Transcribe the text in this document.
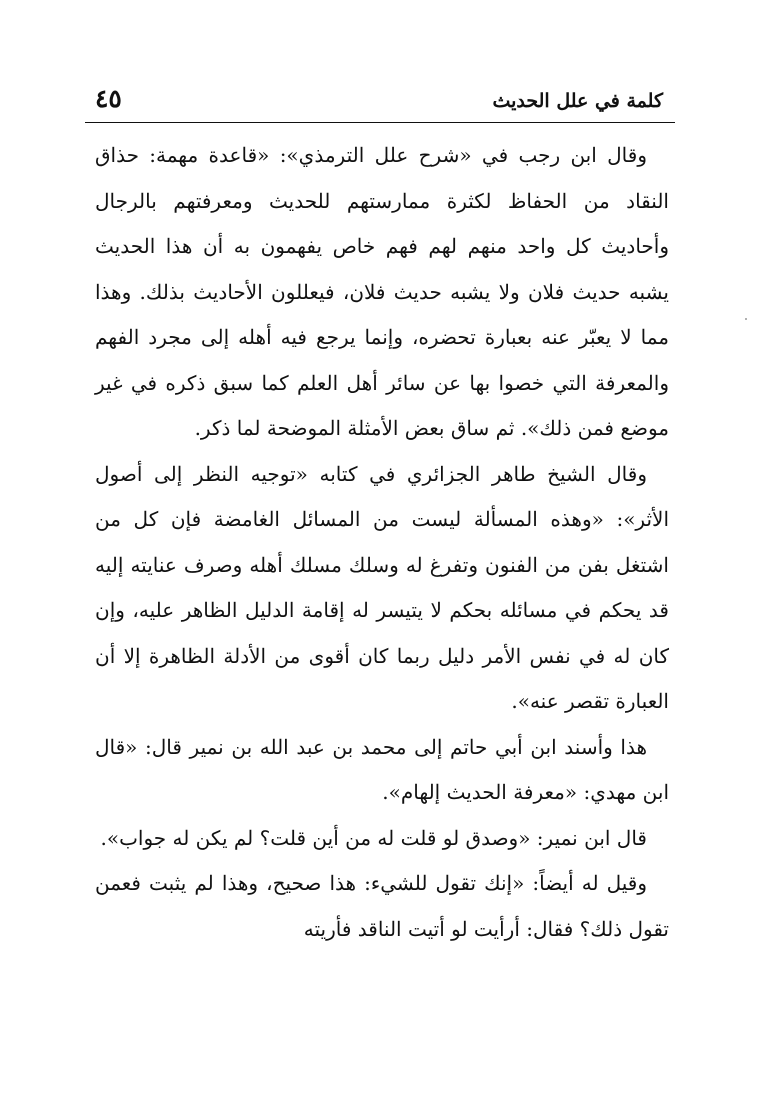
٤٥	كلمة في علل الحديث

وقال ابن رجب في «شرح علل الترمذي»: «قاعدة مهمة: حذاق النقاد من الحفاظ لكثرة ممارستهم للحديث ومعرفتهم بالرجال وأحاديث كل واحد منهم لهم فهم خاص يفهمون به أن هذا الحديث يشبه حديث فلان ولا يشبه حديث فلان، فيعللون الأحاديث بذلك. وهذا مما لا يعبّر عنه بعبارة تحضره، وإنما يرجع فيه أهله إلى مجرد الفهم والمعرفة التي خصوا بها عن سائر أهل العلم كما سبق ذكره في غير موضع فمن ذلك». ثم ساق بعض الأمثلة الموضحة لما ذكر.

وقال الشيخ طاهر الجزائري في كتابه «توجيه النظر إلى أصول الأثر»: «وهذه المسألة ليست من المسائل الغامضة فإن كل من اشتغل بفن من الفنون وتفرغ له وسلك مسلك أهله وصرف عنايته إليه قد يحكم في مسائله بحكم لا يتيسر له إقامة الدليل الظاهر عليه، وإن كان له في نفس الأمر دليل ربما كان أقوى من الأدلة الظاهرة إلا أن العبارة تقصر عنه».

هذا وأسند ابن أبي حاتم إلى محمد بن عبد الله بن نمير قال: «قال ابن مهدي: «معرفة الحديث إلهام».

قال ابن نمير: «وصدق لو قلت له من أين قلت؟ لم يكن له جواب».

وقيل له أيضاً: «إنك تقول للشيء: هذا صحيح، وهذا لم يثبت فعمن تقول ذلك؟ فقال: أرأيت لو أتيت الناقد فأريته
